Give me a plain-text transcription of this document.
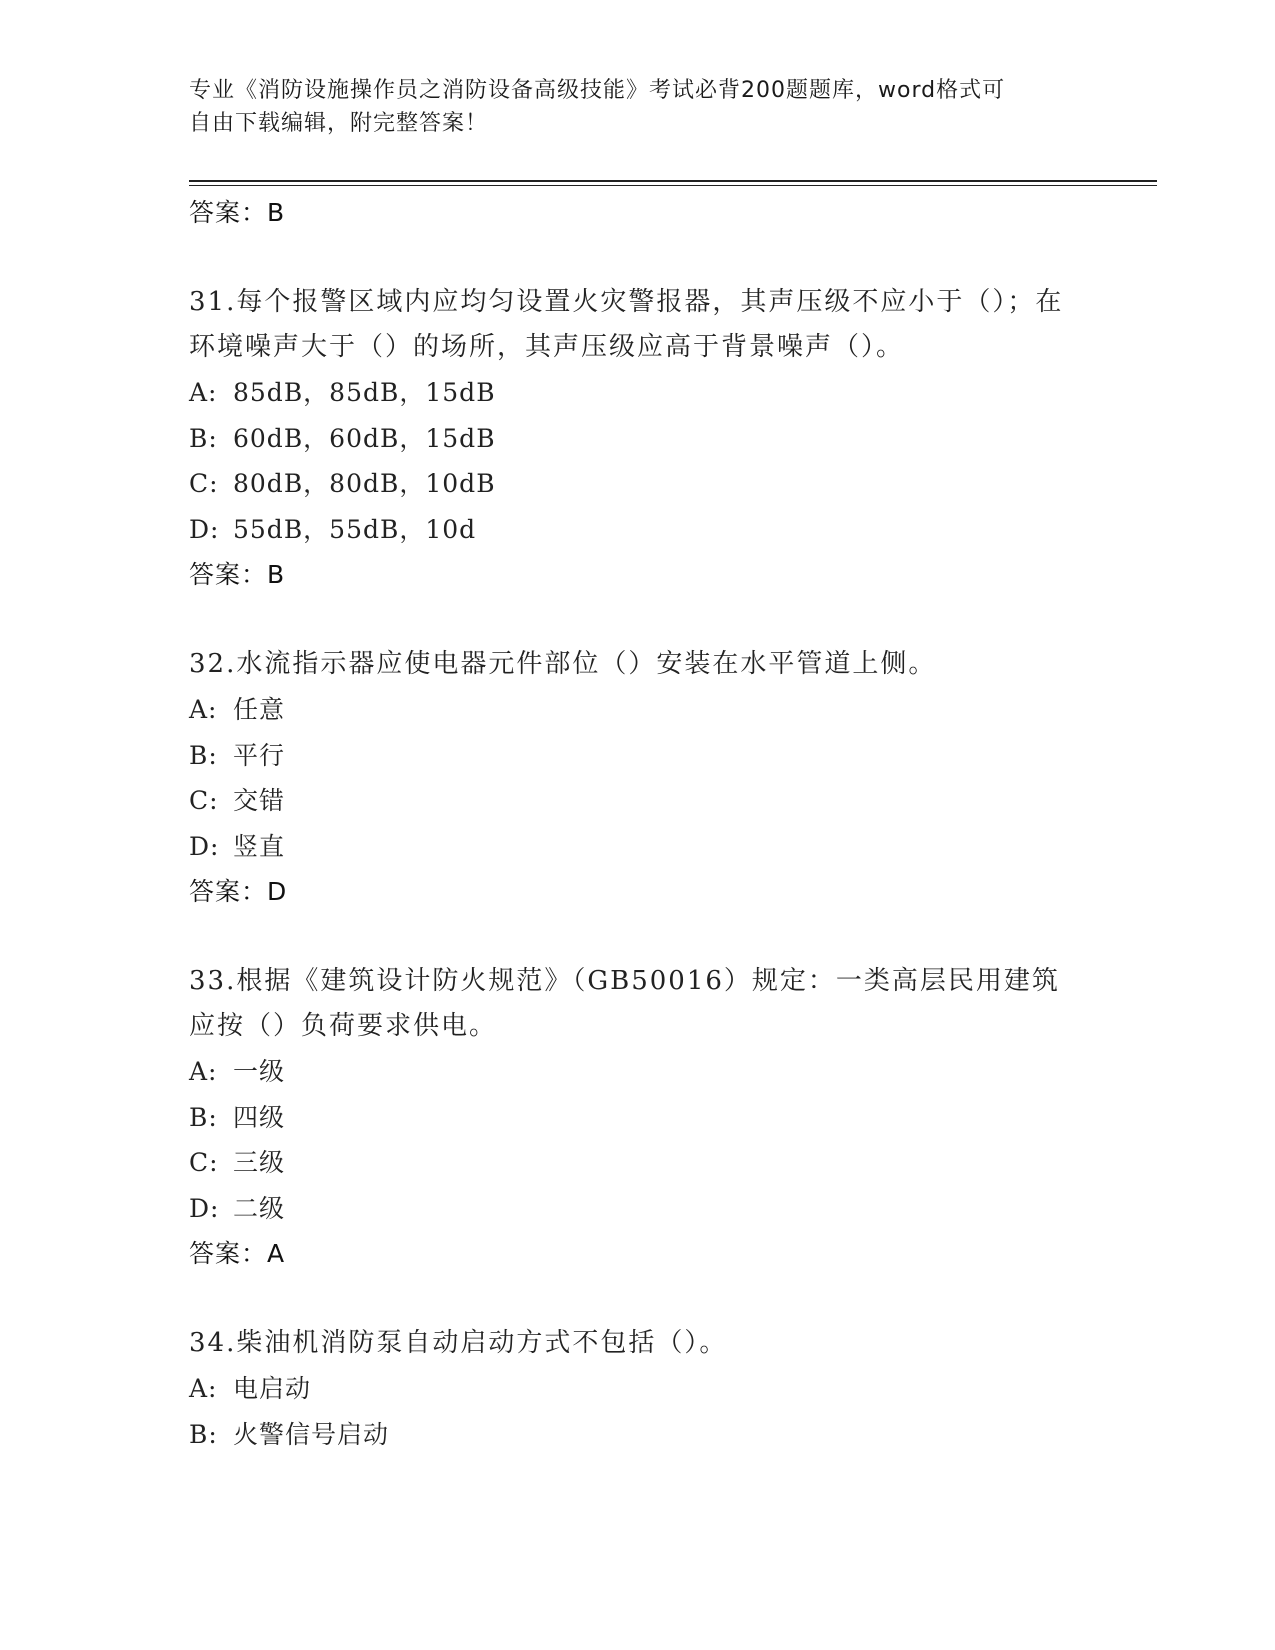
专业《消防设施操作员之消防设备高级技能》考试必背200题题库，word格式可
自由下载编辑，附完整答案！
答案：B
31.每个报警区域内应均匀设置火灾警报器，其声压级不应小于（）；在环境噪声大于（）的场所，其声压级应高于背景噪声（）。
A: 85dB，85dB，15dB
B: 60dB，60dB，15dB
C: 80dB，80dB，10dB
D: 55dB，55dB，10d
答案：B
32.水流指示器应使电器元件部位（）安装在水平管道上侧。
A: 任意
B: 平行
C: 交错
D: 竖直
答案：D
33.根据《建筑设计防火规范》（GB50016）规定：一类高层民用建筑应按（）负荷要求供电。
A: 一级
B: 四级
C: 三级
D: 二级
答案：A
34.柴油机消防泵自动启动方式不包括（）。
A: 电启动
B: 火警信号启动
